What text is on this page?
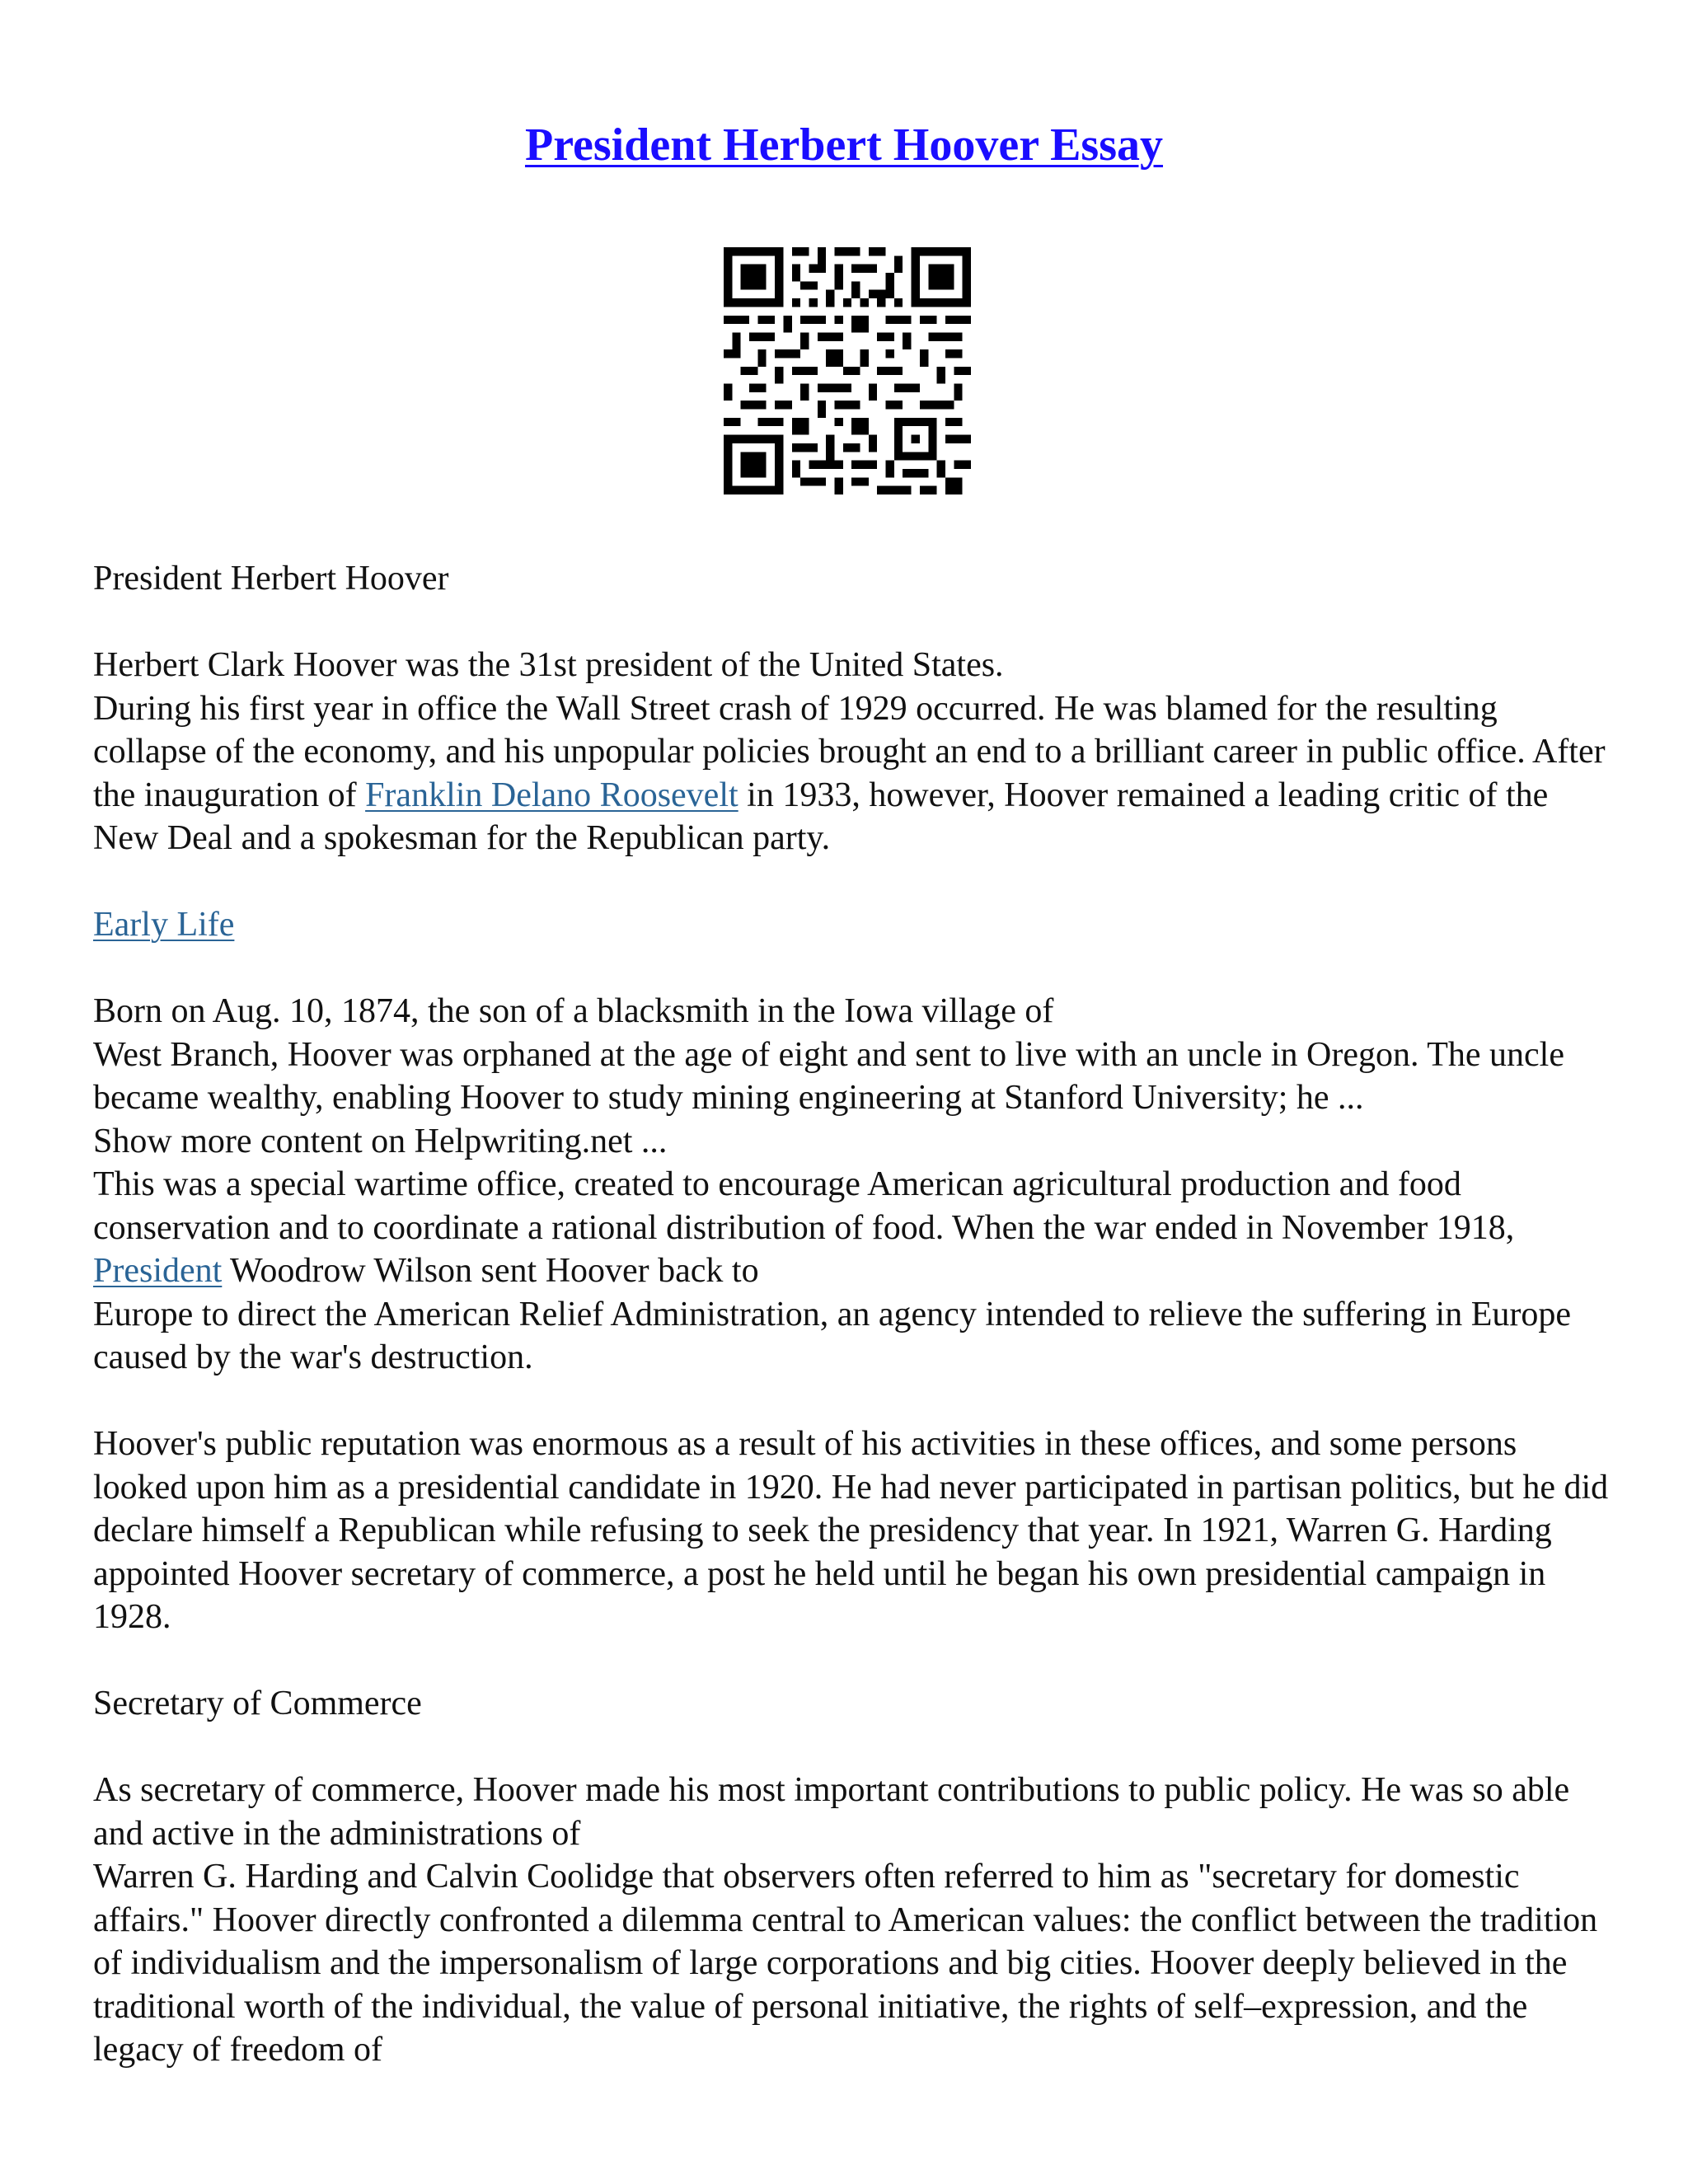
President Herbert Hoover Essay

President Herbert Hoover

Herbert Clark Hoover was the 31st president of the United States.
During his first year in office the Wall Street crash of 1929 occurred. He was blamed for the resulting collapse of the economy, and his unpopular policies brought an end to a brilliant career in public office. After the inauguration of Franklin Delano Roosevelt in 1933, however, Hoover remained a leading critic of the New Deal and a spokesman for the Republican party.

Early Life

Born on Aug. 10, 1874, the son of a blacksmith in the Iowa village of
West Branch, Hoover was orphaned at the age of eight and sent to live with an uncle in Oregon. The uncle became wealthy, enabling Hoover to study mining engineering at Stanford University; he ...
Show more content on Helpwriting.net ...
This was a special wartime office, created to encourage American agricultural production and food conservation and to coordinate a rational distribution of food. When the war ended in November 1918, President Woodrow Wilson sent Hoover back to
Europe to direct the American Relief Administration, an agency intended to relieve the suffering in Europe caused by the war's destruction.

Hoover's public reputation was enormous as a result of his activities in these offices, and some persons looked upon him as a presidential candidate in 1920. He had never participated in partisan politics, but he did declare himself a Republican while refusing to seek the presidency that year. In 1921, Warren G. Harding appointed Hoover secretary of commerce, a post he held until he began his own presidential campaign in 1928.

Secretary of Commerce

As secretary of commerce, Hoover made his most important contributions to public policy. He was so able and active in the administrations of
Warren G. Harding and Calvin Coolidge that observers often referred to him as "secretary for domestic affairs." Hoover directly confronted a dilemma central to American values: the conflict between the tradition of individualism and the impersonalism of large corporations and big cities. Hoover deeply believed in the traditional worth of the individual, the value of personal initiative, the rights of self–expression, and the legacy of freedom of
